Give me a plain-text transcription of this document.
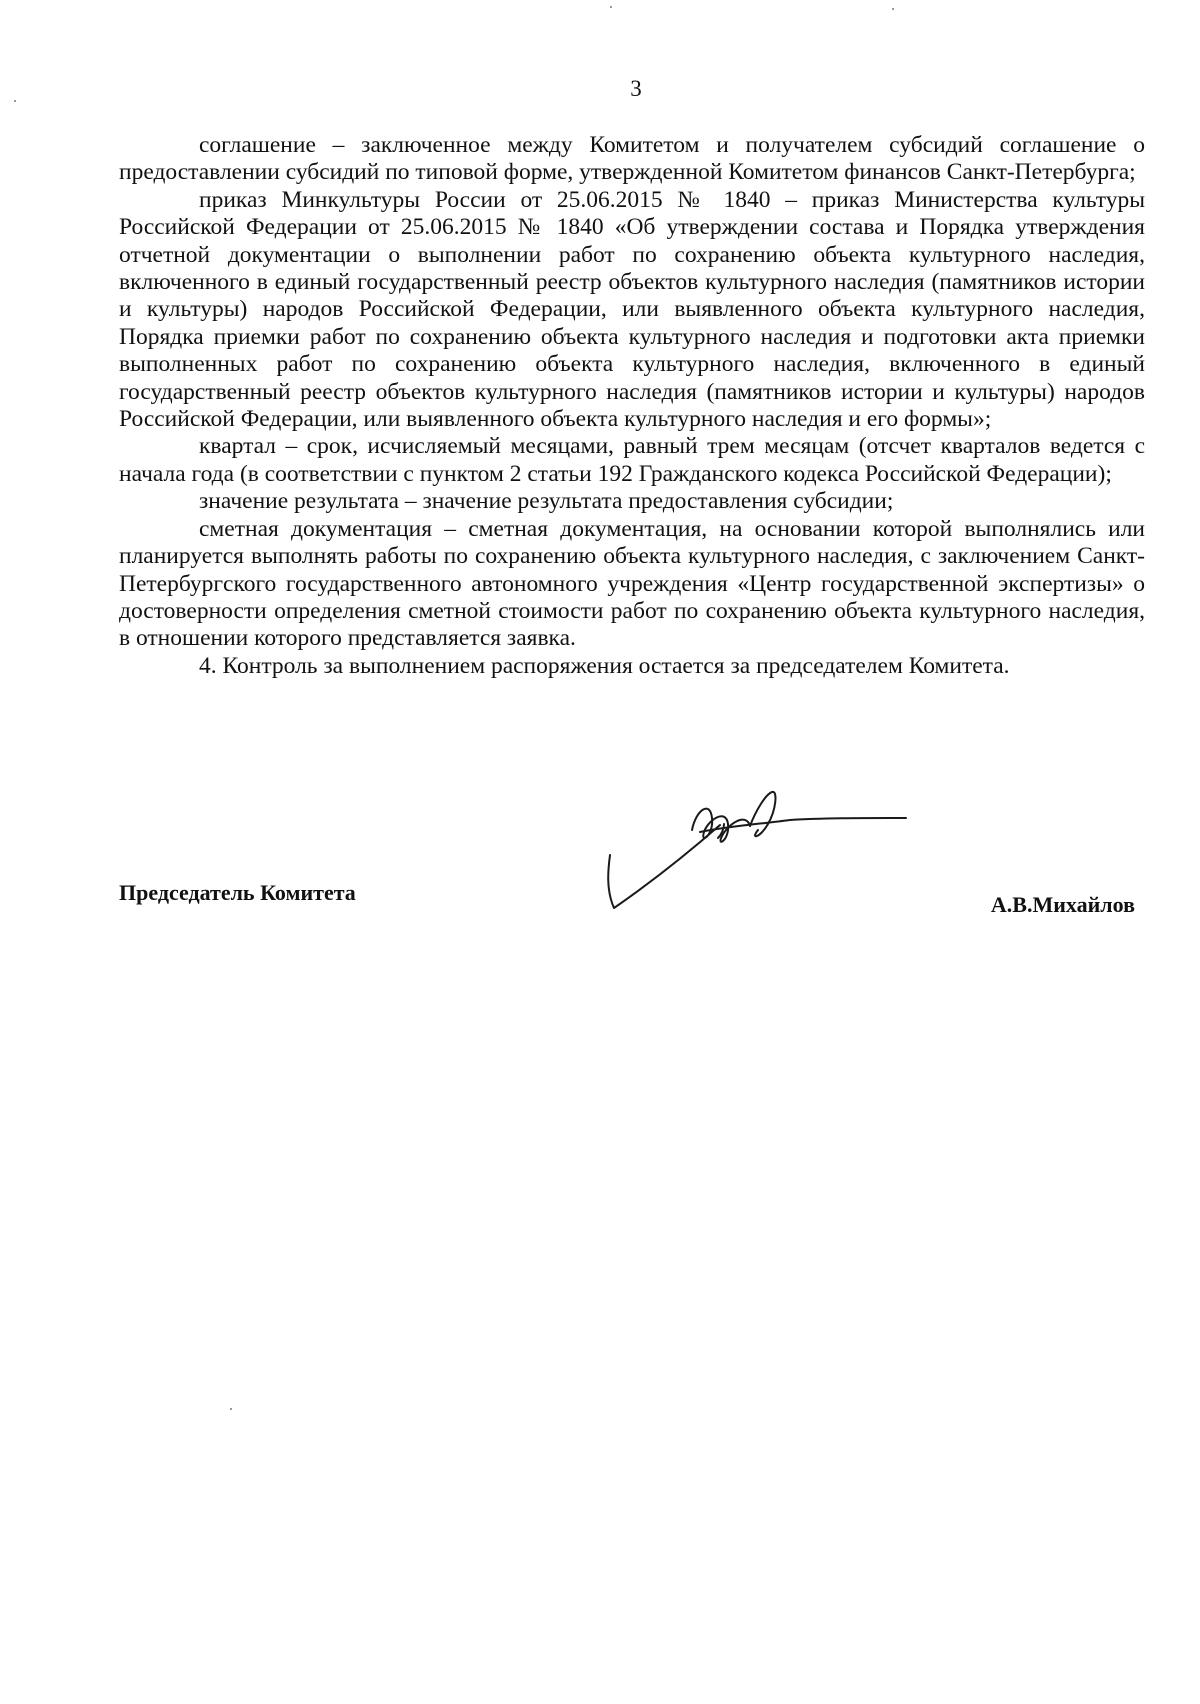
3

соглашение – заключенное между Комитетом и получателем субсидий соглашение о предоставлении субсидий по типовой форме, утвержденной Комитетом финансов Санкт-Петербурга;

приказ Минкультуры России от 25.06.2015 № 1840 – приказ Министерства культуры Российской Федерации от 25.06.2015 № 1840 «Об утверждении состава и Порядка утверждения отчетной документации о выполнении работ по сохранению объекта культурного наследия, включенного в единый государственный реестр объектов культурного наследия (памятников истории и культуры) народов Российской Федерации, или выявленного объекта культурного наследия, Порядка приемки работ по сохранению объекта культурного наследия и подготовки акта приемки выполненных работ по сохранению объекта культурного наследия, включенного в единый государственный реестр объектов культурного наследия (памятников истории и культуры) народов Российской Федерации, или выявленного объекта культурного наследия и его формы»;

квартал – срок, исчисляемый месяцами, равный трем месяцам (отсчет кварталов ведется с начала года (в соответствии с пунктом 2 статьи 192 Гражданского кодекса Российской Федерации);

значение результата – значение результата предоставления субсидии;

сметная документация – сметная документация, на основании которой выполнялись или планируется выполнять работы по сохранению объекта культурного наследия, с заключением Санкт-Петербургского государственного автономного учреждения «Центр государственной экспертизы» о достоверности определения сметной стоимости работ по сохранению объекта культурного наследия, в отношении которого представляется заявка.

4. Контроль за выполнением распоряжения остается за председателем Комитета.

Председатель Комитета	А.В.Михайлов
